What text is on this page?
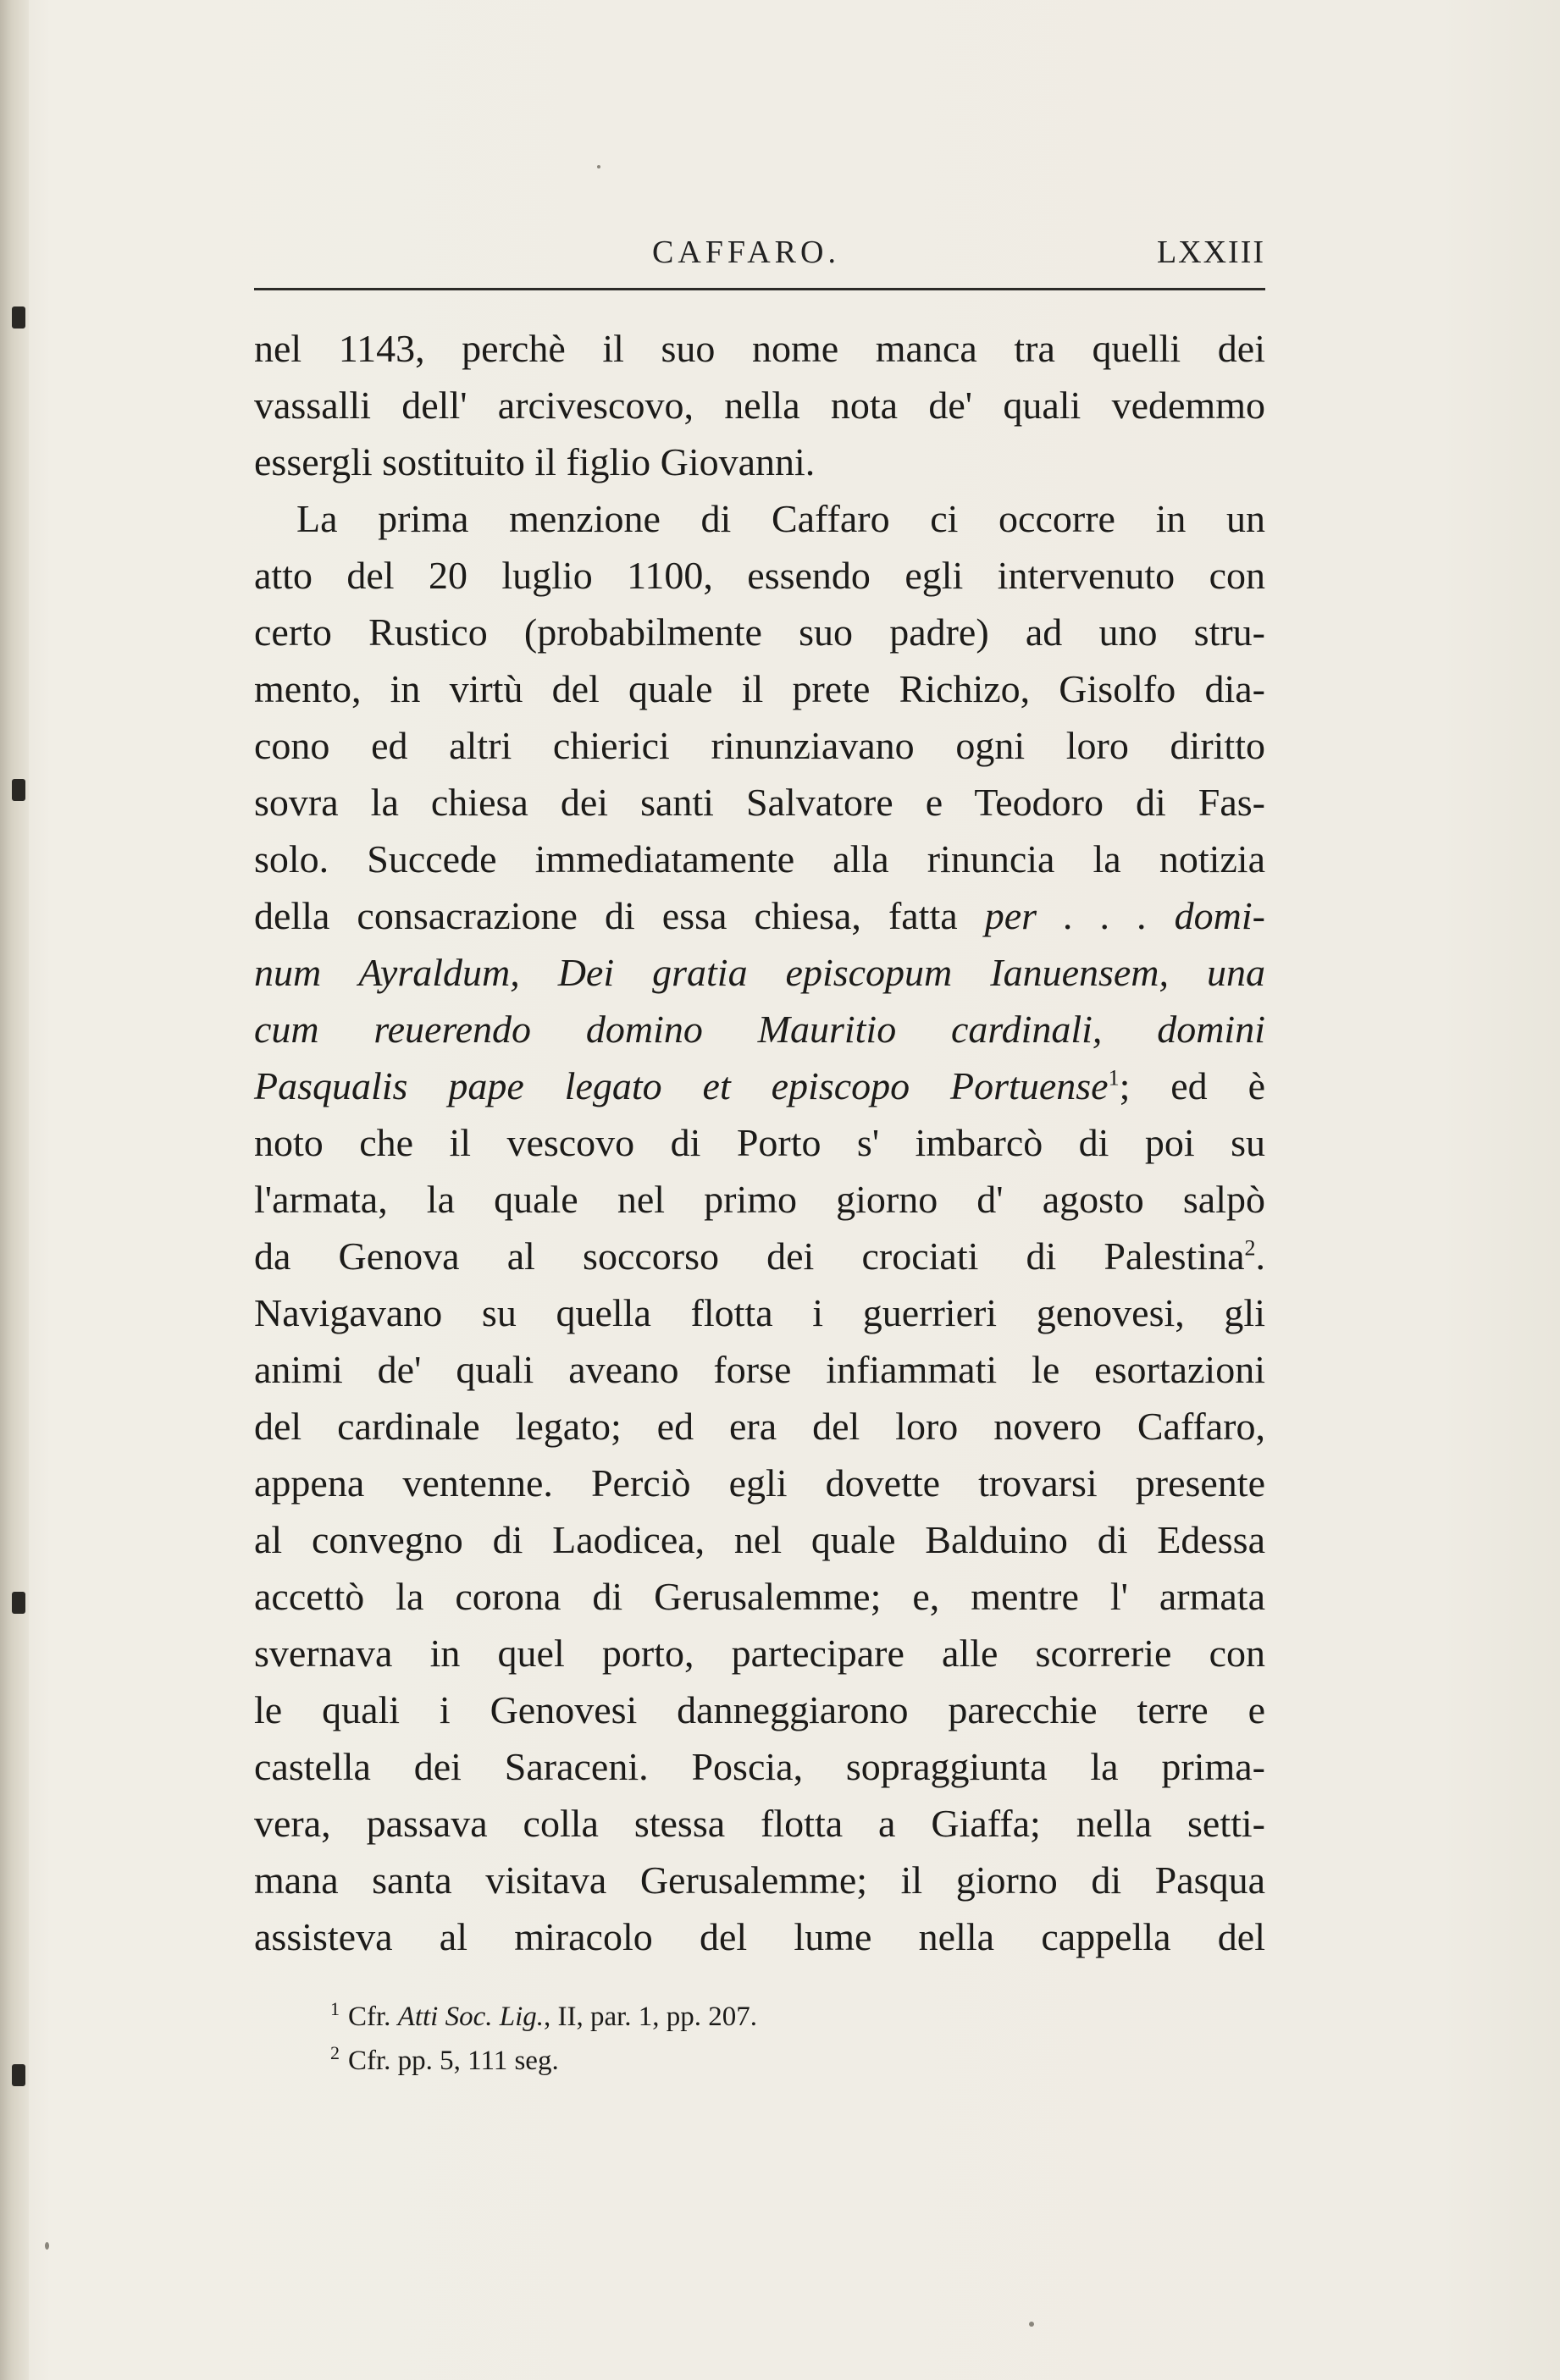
CAFFARO.	LXXIII
nel 1143, perchè il suo nome manca tra quelli dei
vassalli dell' arcivescovo, nella nota de' quali vedemmo
essergli sostituito il figlio Giovanni.
La prima menzione di Caffaro ci occorre in un
atto del 20 luglio 1100, essendo egli intervenuto con
certo Rustico (probabilmente suo padre) ad uno stru-
mento, in virtù del quale il prete Richizo, Gisolfo dia-
cono ed altri chierici rinunziavano ogni loro diritto
sovra la chiesa dei santi Salvatore e Teodoro di Fas-
solo. Succede immediatamente alla rinuncia la notizia
della consacrazione di essa chiesa, fatta per . . . domi-
num Ayraldum, Dei gratia episcopum Ianuensem, una
cum reuerendo domino Mauritio cardinali, domini
Pasqualis pape legato et episcopo Portuense$^1$; ed è
noto che il vescovo di Porto s' imbarcò di poi su
l'armata, la quale nel primo giorno d' agosto salpò
da Genova al soccorso dei crociati di Palestina$^2$.
Navigavano su quella flotta i guerrieri genovesi, gli
animi de' quali aveano forse infiammati le esortazioni
del cardinale legato; ed era del loro novero Caffaro,
appena ventenne. Perciò egli dovette trovarsi presente
al convegno di Laodicea, nel quale Balduino di Edessa
accettò la corona di Gerusalemme; e, mentre l' armata
svernava in quel porto, partecipare alle scorrerie con
le quali i Genovesi danneggiarono parecchie terre e
castella dei Saraceni. Poscia, sopraggiunta la prima-
vera, passava colla stessa flotta a Giaffa; nella setti-
mana santa visitava Gerusalemme; il giorno di Pasqua
assisteva al miracolo del lume nella cappella del
$^1$ Cfr. Atti Soc. Lig., II, par. 1, pp. 207.
$^2$ Cfr. pp. 5, 111 seg.
